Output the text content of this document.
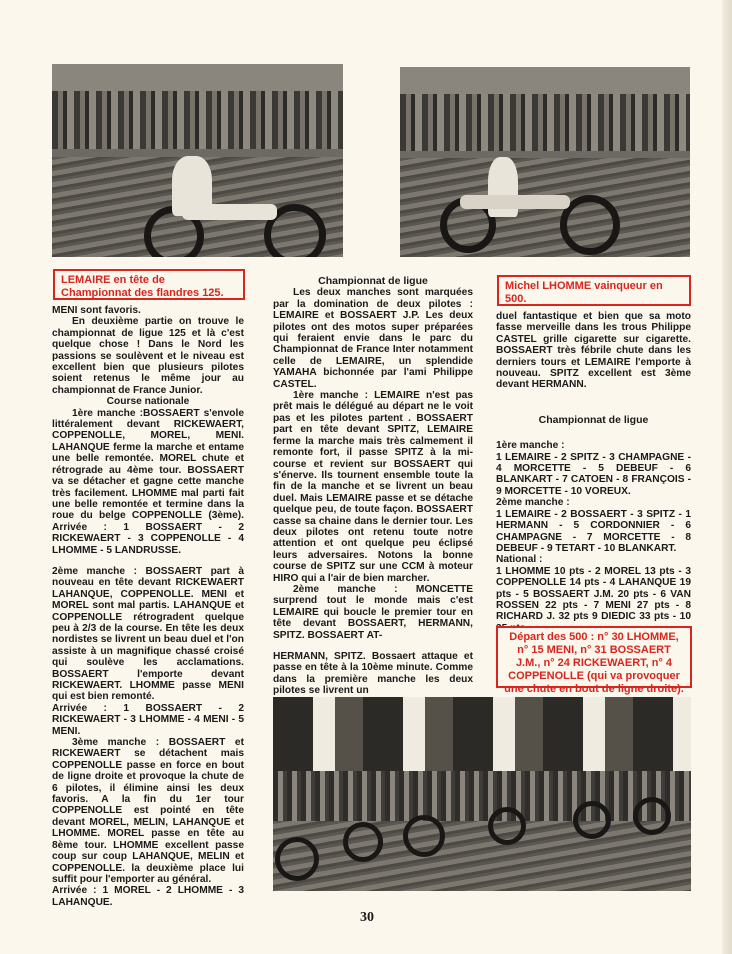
LEMAIRE en tête de Championnat des flandres 125.
Michel LHOMME vainqueur en 500.

MENI sont favoris.

En deuxième partie on trouve le championnat de ligue 125 et là c'est quelque chose ! Dans le Nord les passions se soulèvent et le niveau est excellent bien que plusieurs pilotes soient retenus le même jour au championnat de France Junior.

Course nationale

1ère manche :BOSSAERT s'envole littéralement devant RICKEWAERT, COPPENOLLE, MOREL, MENI. LAHANQUE ferme la marche et entame une belle remontée. MOREL chute et rétrograde au 4ème tour. BOSSAERT va se détacher et gagne cette manche très facilement. LHOMME mal parti fait une belle remontée et termine dans la roue du belge COPPENOLLE (3ème). Arrivée : 1 BOSSAERT - 2 RICKEWAERT - 3 COPPENOLLE - 4 LHOMME - 5 LANDRUSSE.

2ème manche : BOSSAERT part à nouveau en tête devant RICKEWAERT LAHANQUE, COPPENOLLE. MENI et MOREL sont mal partis. LAHANQUE et COPPENOLLE rétrogradent quelque peu à 2/3 de la course. En tête les deux nordistes se livrent un beau duel et l'on assiste à un magnifique chassé croisé qui soulève les acclamations. BOSSAERT l'emporte devant RICKEWAERT. LHOMME passe MENI qui est bien remonté.

Arrivée : 1 BOSSAERT - 2 RICKEWAERT - 3 LHOMME - 4 MENI - 5 MENI.

3ème manche : BOSSAERT et RICKEWAERT se détachent mais COPPENOLLE passe en force en bout de ligne droite et provoque la chute de 6 pilotes, il élimine ainsi les deux favoris. A la fin du 1er tour COPPENOLLE est pointé en tête devant MOREL, MELIN, LAHANQUE et LHOMME. MOREL passe en tête au 8ème tour. LHOMME excellent passe coup sur coup LAHANQUE, MELIN et COPPENOLLE. la deuxième place lui suffit pour l'emporter au général.

Arrivée : 1 MOREL - 2 LHOMME - 3 LAHANQUE.

Championnat de ligue

Les deux manches sont marquées par la domination de deux pilotes : LEMAIRE et BOSSAERT J.P. Les deux pilotes ont des motos super préparées qui feraient envie dans le parc du Championnat de France Inter notamment celle de LEMAIRE, un splendide YAMAHA bichonnée par l'ami Philippe CASTEL.

1ère manche : LEMAIRE n'est pas prêt mais le délégué au départ ne le voit pas et les pilotes partent . BOSSAERT part en tête devant SPITZ, LEMAIRE ferme la marche mais très calmement il remonte fort, il passe SPITZ à la mi-course et revient sur BOSSAERT qui s'énerve. Ils tournent ensemble toute la fin de la manche et se livrent un beau duel. Mais LEMAIRE passe et se détache quelque peu, de toute façon. BOSSAERT casse sa chaine dans le dernier tour. Les deux pilotes ont retenu toute notre attention et ont quelque peu éclipsé leurs adversaires. Notons la bonne course de SPITZ sur une CCM à moteur HIRO qui a l'air de bien marcher.

2ème manche : MONCETTE surprend tout le monde mais c'est LEMAIRE qui boucle le premier tour en tête devant BOSSAERT, HERMANN, SPITZ. BOSSAERT AT-

HERMANN, SPITZ. Bossaert attaque et passe en tête à la 10ème minute. Comme dans la première manche les deux pilotes se livrent un

duel fantastique et bien que sa moto fasse merveille dans les trous Philippe CASTEL grille cigarette sur cigarette. BOSSAERT très fébrile chute dans les derniers tours et LEMAIRE l'emporte à nouveau. SPITZ excellent est 3ème devant HERMANN.

Championnat de ligue

1ère manche :

1 LEMAIRE - 2 SPITZ - 3 CHAMPAGNE - 4 MORCETTE - 5 DEBEUF - 6 BLANKART - 7 CATOEN - 8 FRANÇOIS - 9 MORCETTE - 10 VOREUX.

2ème manche :

1 LEMAIRE - 2 BOSSAERT - 3 SPITZ - 1 HERMANN - 5 CORDONNIER - 6 CHAMPAGNE - 7 MORCETTE - 8 DEBEUF - 9 TETART - 10 BLANKART.

National :

1 LHOMME 10 pts - 2 MOREL 13 pts - 3 COPPENOLLE 14 pts - 4 LAHANQUE 19 pts - 5 BOSSAERT J.M. 20 pts - 6 VAN ROSSEN 22 pts - 7 MENI 27 pts - 8 RICHARD J. 32 pts 9 DIEDIC 33 pts - 10

Départ des 500 : n° 30 LHOMME, n° 15 MENI, n° 31 BOSSAERT J.M., n° 24 RICKEWAERT, n° 4 COPPENOLLE (qui va provoquer une chute en bout de ligne droite).
30
